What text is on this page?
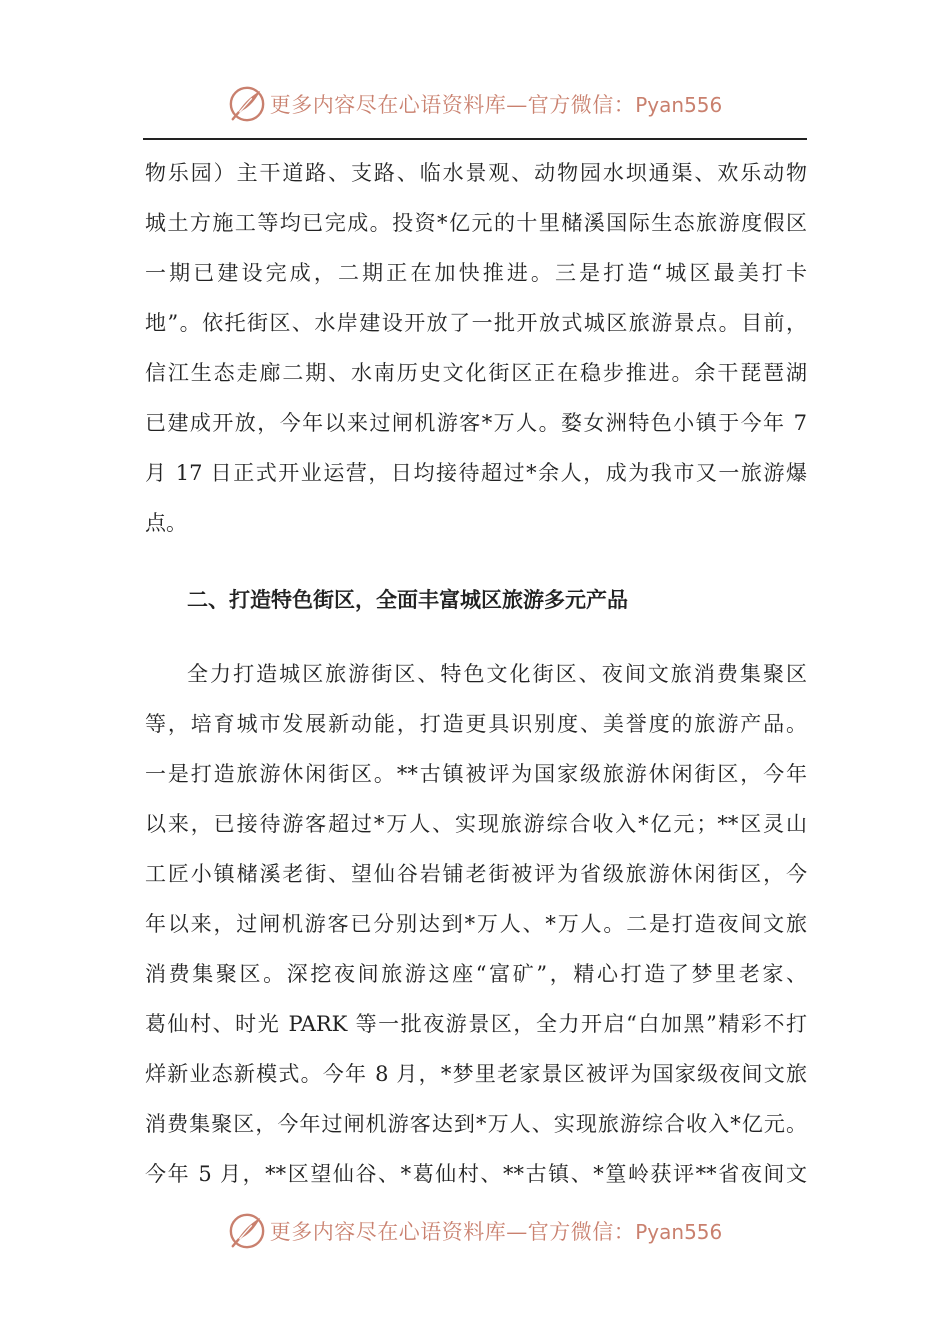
更多内容尽在心语资料库—官方微信：Pyan556
物乐园）主干道路、支路、临水景观、动物园水坝通渠、欢乐动物
城土方施工等均已完成。投资*亿元的十里槠溪国际生态旅游度假区
一期已建设完成，二期正在加快推进。三是打造“城区最美打卡
地”。依托街区、水岸建设开放了一批开放式城区旅游景点。目前，
信江生态走廊二期、水南历史文化街区正在稳步推进。余干琵琶湖
已建成开放，今年以来过闸机游客*万人。婺女洲特色小镇于今年 7
月 17 日正式开业运营，日均接待超过*余人，成为我市又一旅游爆
点。
二、打造特色街区，全面丰富城区旅游多元产品
全力打造城区旅游街区、特色文化街区、夜间文旅消费集聚区
等，培育城市发展新动能，打造更具识别度、美誉度的旅游产品。
一是打造旅游休闲街区。**古镇被评为国家级旅游休闲街区，今年
以来，已接待游客超过*万人、实现旅游综合收入*亿元；**区灵山
工匠小镇槠溪老街、望仙谷岩铺老街被评为省级旅游休闲街区，今
年以来，过闸机游客已分别达到*万人、*万人。二是打造夜间文旅
消费集聚区。深挖夜间旅游这座“富矿”，精心打造了梦里老家、
葛仙村、时光 PARK 等一批夜游景区，全力开启“白加黑”精彩不打
烊新业态新模式。今年 8 月，*梦里老家景区被评为国家级夜间文旅
消费集聚区，今年过闸机游客达到*万人、实现旅游综合收入*亿元。
今年 5 月，**区望仙谷、*葛仙村、**古镇、*篁岭获评**省夜间文
更多内容尽在心语资料库—官方微信：Pyan556
